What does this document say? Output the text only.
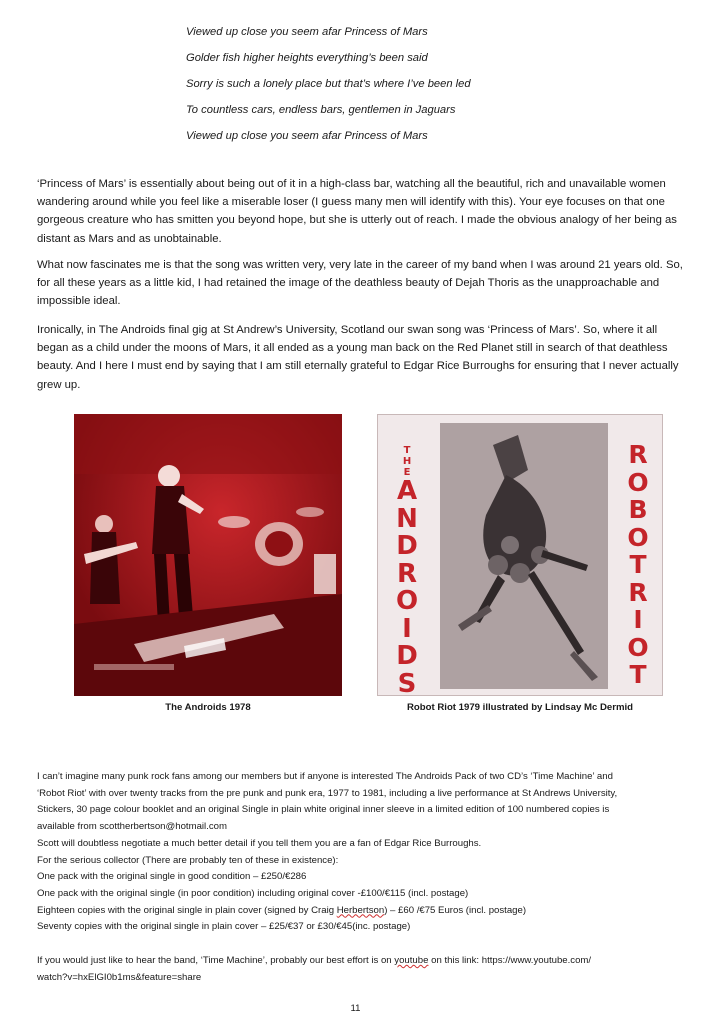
Viewed up close you seem afar Princess of Mars
Golder fish higher heights everything’s been said
Sorry is such a lonely place but that’s where I’ve been led
To countless cars, endless bars, gentlemen in Jaguars
Viewed up close you seem afar Princess of Mars
‘Princess of Mars’ is essentially about being out of it in a high-class bar, watching all the beautiful, rich and unavailable women wandering around while you feel like a miserable loser (I guess many men will identify with this). Your eye focuses on that one gorgeous creature who has smitten you beyond hope, but she is utterly out of reach. I made the obvious analogy of her being as distant as Mars and as unobtainable.
What now fascinates me is that the song was written very, very late in the career of my band when I was around 21 years old. So, for all these years as a little kid, I had retained the image of the deathless beauty of Dejah Thoris as the unapproachable and impossible ideal.
Ironically, in The Androids final gig at St Andrew’s University, Scotland our swan song was ‘Princess of Mars’. So, where it all began as a child under the moons of Mars, it all ended as a young man back on the Red Planet still in search of that deathless beauty. And I here I must end by saying that I am still eternally grateful to Edgar Rice Burroughs for ensuring that I never actually grew up.
T
H
E
A
N
D
R
O
I
D
S
R
O
B
O
T
R
I
O
T
The Androids 1978	Robot Riot 1979 illustrated by Lindsay Mc Dermid
I can’t imagine many punk rock fans among our members but if anyone is interested The Androids Pack of two CD’s ‘Time Machine’ and
‘Robot Riot’ with over twenty tracks from the pre punk and punk era, 1977 to 1981, including a live performance at St Andrews University,
Stickers, 30 page colour booklet and an original Single in plain white original inner sleeve in a limited edition of 100 numbered copies is
available from scottherbertson@hotmail.com
Scott will doubtless negotiate a much better detail if you tell them you are a fan of Edgar Rice Burroughs.
For the serious collector (There are probably ten of these in existence):
One pack with the original single in good condition – £250/€286
One pack with the original single (in poor condition) including original cover -£100/€115 (incl. postage)
Eighteen copies with the original single in plain cover (signed by Craig Herbertson) – £60 /€75 Euros (incl. postage)
Seventy copies with the original single in plain cover – £25/€37 or £30/€45(inc. postage)
If you would just like to hear the band, ‘Time Machine’, probably our best effort is on youtube on this link: https://www.youtube.com/
watch?v=hxElGI0b1ms&feature=share
11
